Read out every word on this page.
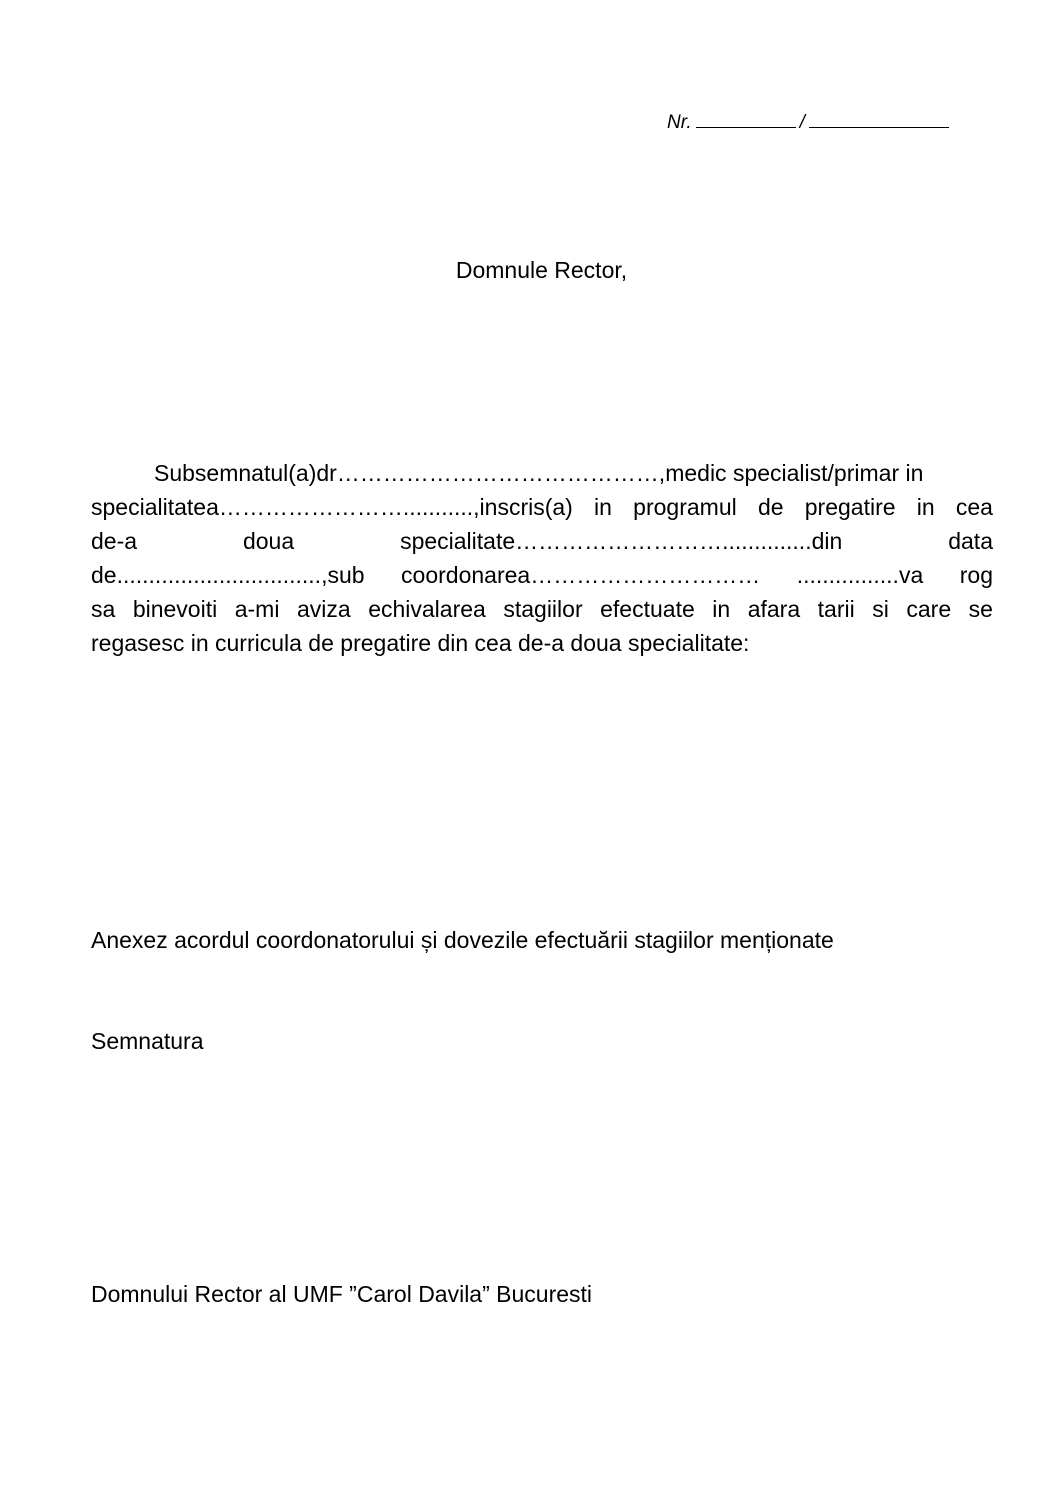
Nr.	/
Domnule Rector,
Subsemnatul(a)dr……………………………………,medic specialist/primar in
specialitatea……………………...........,inscris(a) in programul de pregatire in cea
de-a	doua	specialitate………………………..............din	data
de................................,sub coordonarea………………………… ................va rog
sa binevoiti a-mi aviza echivalarea stagiilor efectuate in afara tarii si care se
regasesc in curricula de pregatire din cea de-a doua specialitate:
Anexez acordul coordonatorului și dovezile efectuării stagiilor menționate
Semnatura
Domnului Rector al UMF ”Carol Davila” Bucuresti
